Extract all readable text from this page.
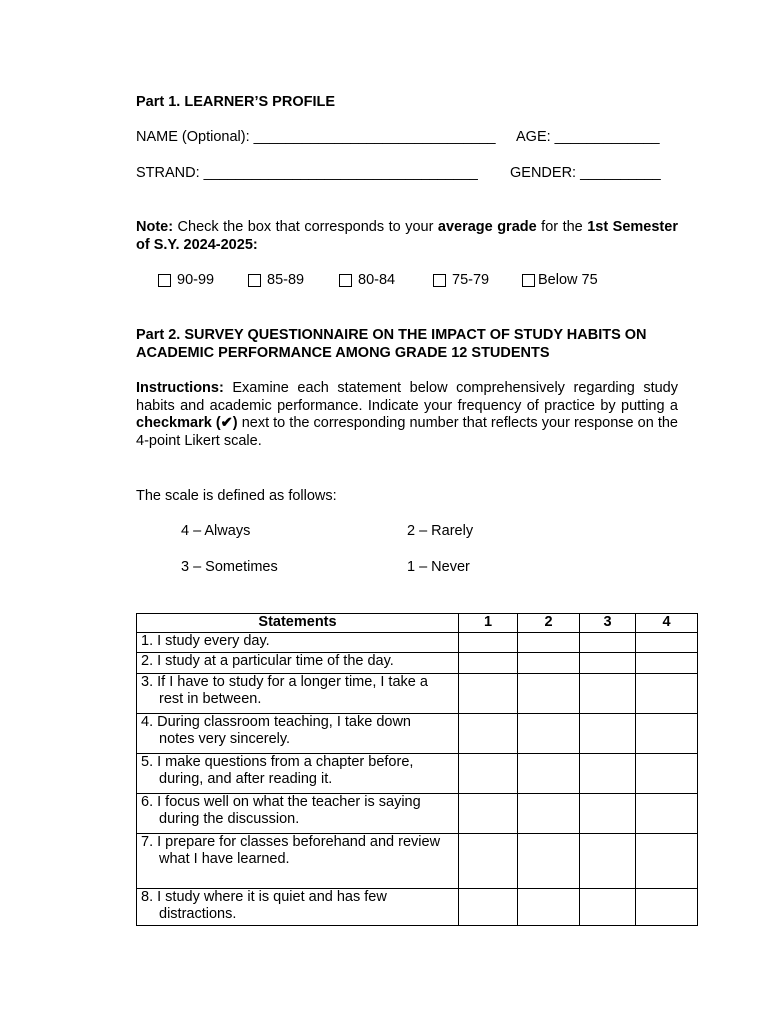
Part 1. LEARNER’S PROFILE
NAME (Optional): ______________________________ AGE: _____________
STRAND: __________________________________ GENDER: __________
Note: Check the box that corresponds to your average grade for the 1st Semester of S.Y. 2024-2025:
90-99	85-89	80-84	75-79	Below 75
Part 2. SURVEY QUESTIONNAIRE ON THE IMPACT OF STUDY HABITS ON
ACADEMIC PERFORMANCE AMONG GRADE 12 STUDENTS
Instructions: Examine each statement below comprehensively regarding study habits and academic performance. Indicate your frequency of practice by putting a checkmark (✔) next to the corresponding number that reflects your response on the 4-point Likert scale.
The scale is defined as follows:
4 – Always	2 – Rarely
3 – Sometimes	1 – Never
Statements	1	2	3	4
1. I study every day.				
2. I study at a particular time of the day.				

3. If I have to study for a longer time, I take a
rest in between.				

4. During classroom teaching, I take down
notes very sincerely.				

5. I make questions from a chapter before,
during, and after reading it.				

6. I focus well on what the teacher is saying
during the discussion.				

7. I prepare for classes beforehand and review
what I have learned.				

8. I study where it is quiet and has few
distractions.				
